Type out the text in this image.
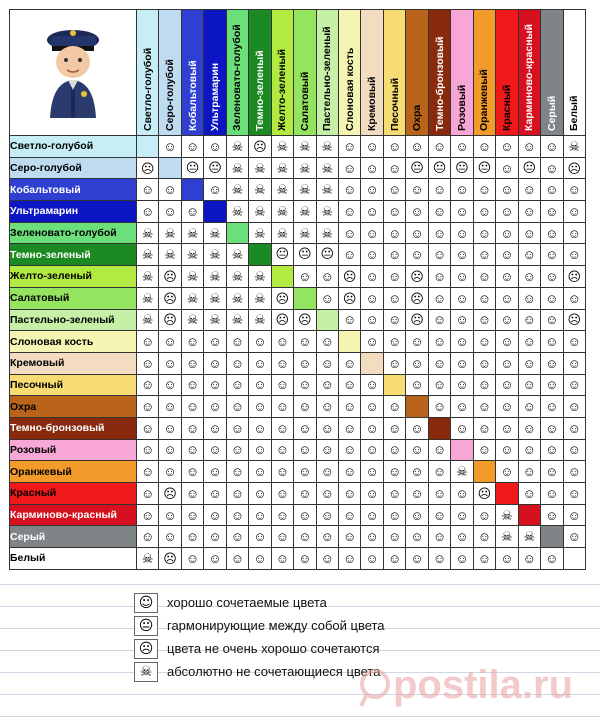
Светло-голубой	Серо-голубой	Кобальтовый	Ультрамарин	Зеленовато-голубой	Темно-зеленый	Желто-зеленый	Салатовый	Пастельно-зеленый	Слоновая кость	Кремовый	Песочный	Охра	Темно-бронзовый	Розовый	Оранжевый	Красный	Карминово-красный	Серый	Белый

Светло-голубой		☺	☺	☺	☠	☹	☠	☠	☠	☺	☺	☺	☺	☺	☺	☺	☺	☺	☺	☠
Серо-голубой	☹		😐	😐	☠	☠	☠	☠	☠	☺	☺	☺	😐	😐	😐	😐	☺	😐	☺	☹
Кобальтовый	☺	☺		☺	☠	☠	☠	☠	☠	☺	☺	☺	☺	☺	☺	☺	☺	☺	☺	☺
Ультрамарин	☺	☺	☺		☠	☠	☠	☠	☠	☺	☺	☺	☺	☺	☺	☺	☺	☺	☺	☺
Зеленовато-голубой	☠	☠	☠	☠		☠	☠	☠	☠	☺	☺	☺	☺	☺	☺	☺	☺	☺	☺	☺
Темно-зеленый	☠	☠	☠	☠	☠		😐	😐	😐	☺	☺	☺	☺	☺	☺	☺	☺	☺	☺	☺
Желто-зеленый	☠	☹	☠	☠	☠	☠		☺	☺	☹	☺	☺	☹	☺	☺	☺	☺	☺	☺	☹
Салатовый	☠	☹	☠	☠	☠	☠	☹		☺	☹	☺	☺	☹	☺	☺	☺	☺	☺	☺	☺
Пастельно-зеленый	☠	☹	☠	☠	☠	☠	☹	☹		☺	☺	☺	☹	☺	☺	☺	☺	☺	☺	☹
Слоновая кость	☺	☺	☺	☺	☺	☺	☺	☺	☺		☺	☺	☺	☺	☺	☺	☺	☺	☺	☺
Кремовый	☺	☺	☺	☺	☺	☺	☺	☺	☺	☺		☺	☺	☺	☺	☺	☺	☺	☺	☺
Песочный	☺	☺	☺	☺	☺	☺	☺	☺	☺	☺	☺		☺	☺	☺	☺	☺	☺	☺	☺
Охра	☺	☺	☺	☺	☺	☺	☺	☺	☺	☺	☺	☺		☺	☺	☺	☺	☺	☺	☺
Темно-бронзовый	☺	☺	☺	☺	☺	☺	☺	☺	☺	☺	☺	☺	☺		☺	☺	☺	☺	☺	☺
Розовый	☺	☺	☺	☺	☺	☺	☺	☺	☺	☺	☺	☺	☺	☺		☺	☺	☺	☺	☺
Оранжевый	☺	☺	☺	☺	☺	☺	☺	☺	☺	☺	☺	☺	☺	☺	☠		☺	☺	☺	☺
Красный	☺	☹	☺	☺	☺	☺	☺	☺	☺	☺	☺	☺	☺	☺	☺	☹		☺	☺	☺
Карминово-красный	☺	☺	☺	☺	☺	☺	☺	☺	☺	☺	☺	☺	☺	☺	☺	☺	☠		☺	☺
Серый	☺	☺	☺	☺	☺	☺	☺	☺	☺	☺	☺	☺	☺	☺	☺	☺	☠	☠		☺
Белый	☠	☹	☺	☺	☺	☺	☺	☺	☺	☺	☺	☺	☺	☺	☺	☺	☺	☺	☺	
☺	хорошо сочетаемые цвета
😐	гармонирующие между собой цвета
☹	цвета не очень хорошо сочетаются
☠	абсолютно не сочетающиеся цвета postila.ru
